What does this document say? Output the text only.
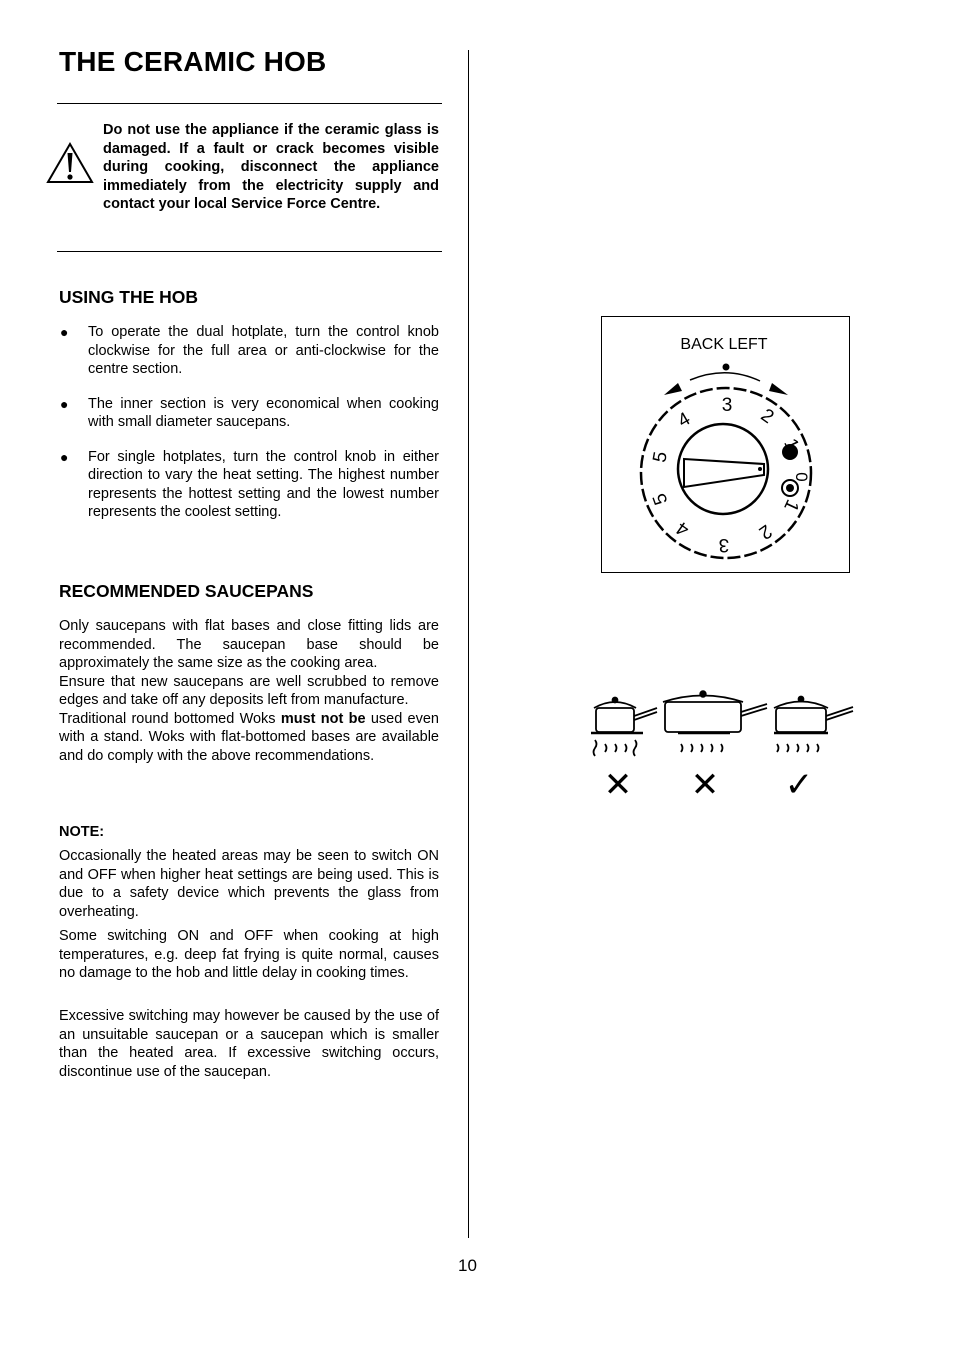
THE CERAMIC HOB
Do not use the appliance if the ceramic glass is damaged. If a fault or crack becomes visible during cooking, disconnect the appliance immediately from the electricity supply and contact your local Service Force Centre.
USING THE HOB
● To operate the dual hotplate, turn the control knob clockwise for the full area or anti-clockwise for the centre section.
● The inner section is very economical when cooking with small diameter saucepans.
● For single hotplates, turn the control knob in either direction to vary the heat setting. The highest number represents the hottest setting and the lowest number represents the coolest setting.
RECOMMENDED SAUCEPANS

Only saucepans with flat bases and close fitting lids are recommended. The saucepan base should be approximately the same size as the cooking area.
Ensure that new saucepans are well scrubbed to remove edges and take off any deposits left from manufacture.
Traditional round bottomed Woks must not be used even with a stand. Woks with flat-bottomed bases are available and do comply with the above recommendations.

NOTE:

Occasionally the heated areas may be seen to switch ON and OFF when higher heat settings are being used. This is due to a safety device which prevents the glass from overheating.

Some switching ON and OFF when cooking at high temperatures, e.g. deep fat frying is quite normal, causes no damage to the hob and little delay in cooking times.

Excessive switching may however be caused by the use of an unsuitable saucepan or a saucepan which is smaller than the heated area. If excessive switching occurs, discontinue use of the saucepan.

BACK LEFT
4
3 2
1
5
5
0
4
3
2
1
✕ ✕ ✓
10
